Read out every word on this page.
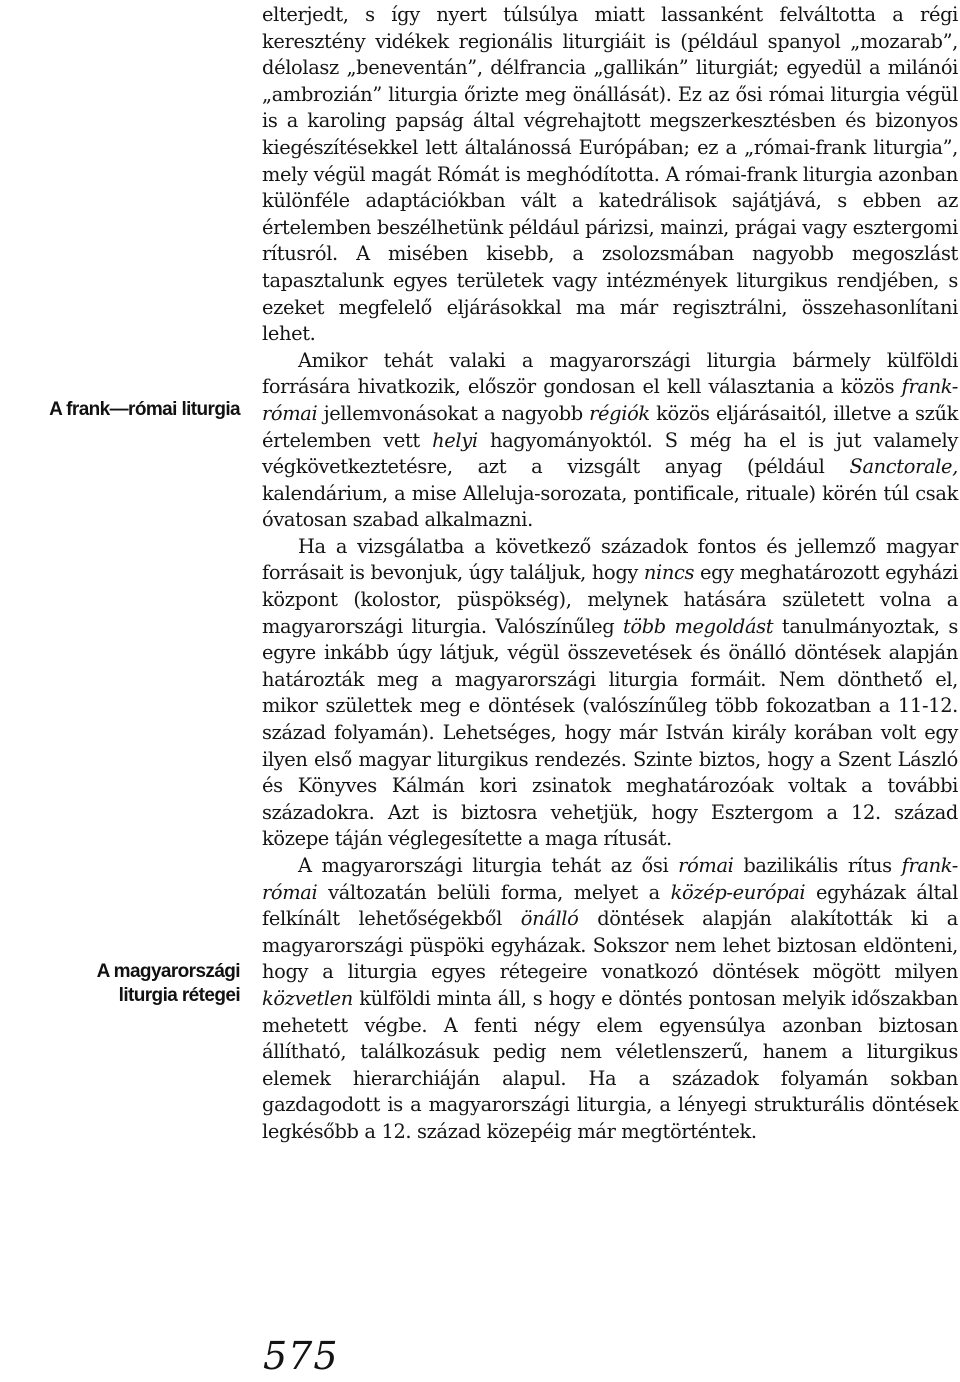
A frank—római liturgia
A magyarországi
liturgia rétegei

elterjedt, s így nyert túlsúlya miatt lassanként felváltotta a régi keresztény vidékek regionális liturgiáit is (például spanyol „mozarab”, délolasz „beneventán”, délfrancia „gallikán” liturgiát; egyedül a milánói „ambrozián” liturgia őrizte meg önállását). Ez az ősi római liturgia végül is a karoling papság által végrehajtott megszerkesztésben és bizonyos kiegészítésekkel lett általánossá Európában; ez a „római-frank liturgia”, mely végül magát Rómát is meghódította. A római-frank liturgia azonban különféle adaptációkban vált a katedrálisok sajátjává, s ebben az értelemben beszélhetünk például párizsi, mainzi, prágai vagy esztergomi rítusról. A misében kisebb, a zsolozsmában nagyobb megoszlást tapasztalunk egyes területek vagy intézmények liturgikus rendjében, s ezeket megfelelő eljárásokkal ma már regisztrálni, összehasonlítani lehet.

Amikor tehát valaki a magyarországi liturgia bármely külföldi forrására hivatkozik, először gondosan el kell választania a közös frank-római jellemvonásokat a nagyobb régiók közös eljárásaitól, illetve a szűk értelemben vett helyi hagyományoktól. S még ha el is jut valamely végkövetkeztetésre, azt a vizsgált anyag (például Sanctorale, kalendárium, a mise Alleluja-sorozata, pontificale, rituale) körén túl csak óvatosan szabad alkalmazni.

Ha a vizsgálatba a következő századok fontos és jellemző magyar forrásait is bevonjuk, úgy találjuk, hogy nincs egy meghatározott egyházi központ (kolostor, püspökség), melynek hatására született volna a magyarországi liturgia. Valószínűleg több megoldást tanulmányoztak, s egyre inkább úgy látjuk, végül összevetések és önálló döntések alapján határozták meg a magyarországi liturgia formáit. Nem dönthető el, mikor születtek meg e döntések (valószínűleg több fokozatban a 11-12. század folyamán). Lehetséges, hogy már István király korában volt egy ilyen első magyar liturgikus rendezés. Szinte biztos, hogy a Szent László és Könyves Kálmán kori zsinatok meghatározóak voltak a további századokra. Azt is biztosra vehetjük, hogy Esztergom a 12. század közepe táján véglegesítette a maga rítusát.

A magyarországi liturgia tehát az ősi római bazilikális rítus frank-római változatán belüli forma, melyet a közép-európai egyházak által felkínált lehetőségekből önálló döntések alapján alakították ki a magyarországi püspöki egyházak. Sokszor nem lehet biztosan eldönteni, hogy a liturgia egyes rétegeire vonatkozó döntések mögött milyen közvetlen külföldi minta áll, s hogy e döntés pontosan melyik időszakban mehetett végbe. A fenti négy elem egyensúlya azonban biztosan állítható, találkozásuk pedig nem véletlenszerű, hanem a liturgikus elemek hierarchiáján alapul. Ha a századok folyamán sokban gazdagodott is a magyarországi liturgia, a lényegi strukturális döntések legkésőbb a 12. század közepéig már megtörténtek.

575
